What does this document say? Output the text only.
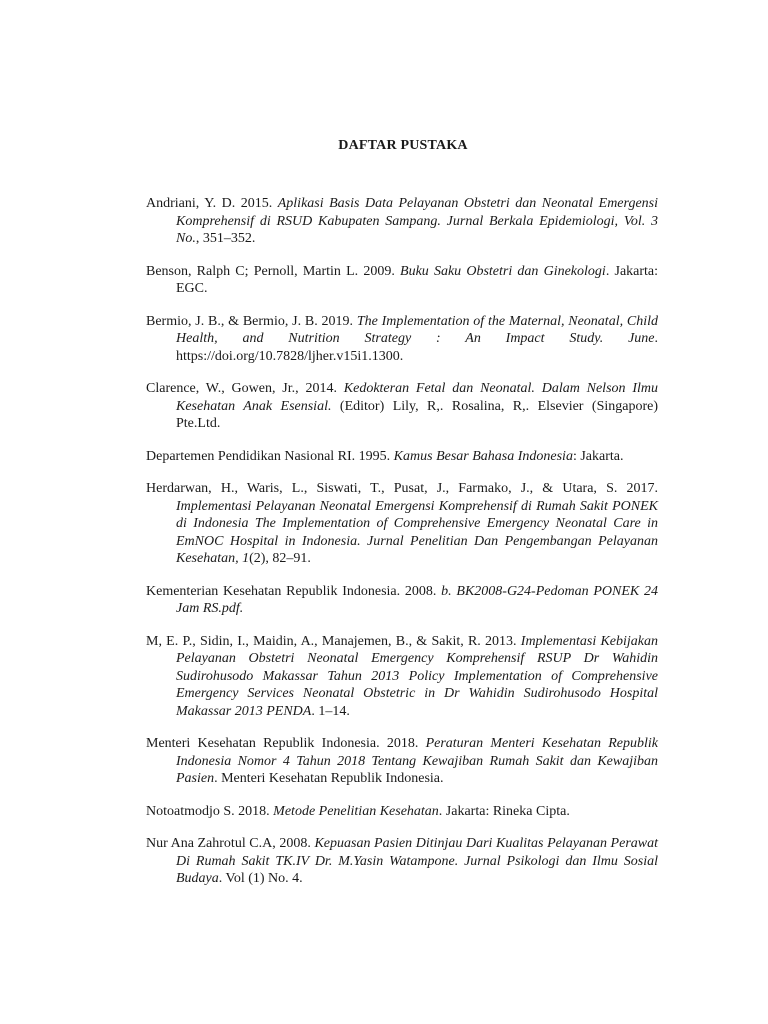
DAFTAR PUSTAKA
Andriani, Y. D. 2015. Aplikasi Basis Data Pelayanan Obstetri dan Neonatal Emergensi Komprehensif di RSUD Kabupaten Sampang. Jurnal Berkala Epidemiologi, Vol. 3 No., 351–352.
Benson, Ralph C; Pernoll, Martin L. 2009. Buku Saku Obstetri dan Ginekologi. Jakarta: EGC.
Bermio, J. B., & Bermio, J. B. 2019. The Implementation of the Maternal, Neonatal, Child Health, and Nutrition Strategy : An Impact Study. June. https://doi.org/10.7828/ljher.v15i1.1300.
Clarence, W., Gowen, Jr., 2014. Kedokteran Fetal dan Neonatal. Dalam Nelson Ilmu Kesehatan Anak Esensial. (Editor) Lily, R,. Rosalina, R,. Elsevier (Singapore) Pte.Ltd.
Departemen Pendidikan Nasional RI. 1995. Kamus Besar Bahasa Indonesia: Jakarta.
Herdarwan, H., Waris, L., Siswati, T., Pusat, J., Farmako, J., & Utara, S. 2017. Implementasi Pelayanan Neonatal Emergensi Komprehensif di Rumah Sakit PONEK di Indonesia The Implementation of Comprehensive Emergency Neonatal Care in EmNOC Hospital in Indonesia. Jurnal Penelitian Dan Pengembangan Pelayanan Kesehatan, 1(2), 82–91.
Kementerian Kesehatan Republik Indonesia. 2008. b. BK2008-G24-Pedoman PONEK 24 Jam RS.pdf.
M, E. P., Sidin, I., Maidin, A., Manajemen, B., & Sakit, R. 2013. Implementasi Kebijakan Pelayanan Obstetri Neonatal Emergency Komprehensif RSUP Dr Wahidin Sudirohusodo Makassar Tahun 2013 Policy Implementation of Comprehensive Emergency Services Neonatal Obstetric in Dr Wahidin Sudirohusodo Hospital Makassar 2013 PENDA. 1–14.
Menteri Kesehatan Republik Indonesia. 2018. Peraturan Menteri Kesehatan Republik Indonesia Nomor 4 Tahun 2018 Tentang Kewajiban Rumah Sakit dan Kewajiban Pasien. Menteri Kesehatan Republik Indonesia.
Notoatmodjo S. 2018. Metode Penelitian Kesehatan. Jakarta: Rineka Cipta.
Nur Ana Zahrotul C.A, 2008. Kepuasan Pasien Ditinjau Dari Kualitas Pelayanan Perawat Di Rumah Sakit TK.IV Dr. M.Yasin Watampone. Jurnal Psikologi dan Ilmu Sosial Budaya. Vol (1) No. 4.
